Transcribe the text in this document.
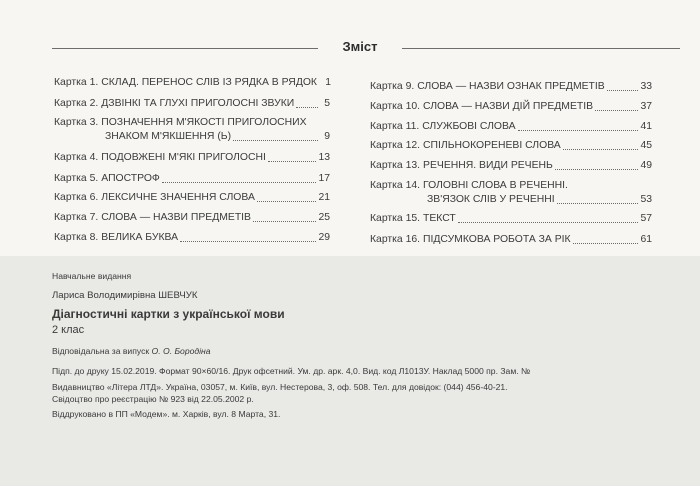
Зміст
Картка 1. СКЛАД. ПЕРЕНОС СЛІВ ІЗ РЯДКА В РЯДОК 1
Картка 2. ДЗВІНКІ ТА ГЛУХІ ПРИГОЛОСНІ ЗВУКИ	5
Картка 3. ПОЗНАЧЕННЯ М'ЯКОСТІ ПРИГОЛОСНИХ
ЗНАКОМ М'ЯКШЕННЯ (Ь)	9
Картка 4. ПОДОВЖЕНІ М'ЯКІ ПРИГОЛОСНІ	13
Картка 5. АПОСТРОФ	17
Картка 6. ЛЕКСИЧНЕ ЗНАЧЕННЯ СЛОВА	21
Картка 7. СЛОВА — НАЗВИ ПРЕДМЕТІВ	25
Картка 8. ВЕЛИКА БУКВА	29
Картка 9. СЛОВА — НАЗВИ ОЗНАК ПРЕДМЕТІВ	33
Картка 10. СЛОВА — НАЗВИ ДІЙ ПРЕДМЕТІВ	37
Картка 11. СЛУЖБОВІ СЛОВА	41
Картка 12. СПІЛЬНОКОРЕНЕВІ СЛОВА	45
Картка 13. РЕЧЕННЯ. ВИДИ РЕЧЕНЬ	49
Картка 14. ГОЛОВНІ СЛОВА В РЕЧЕННІ.
ЗВ'ЯЗОК СЛІВ У РЕЧЕННІ	53
Картка 15. ТЕКСТ	57
Картка 16. ПІДСУМКОВА РОБОТА ЗА РІК	61
Навчальне видання
Лариса Володимирівна ШЕВЧУК
Діагностичні картки з української мови
2 клас
Відповідальна за випуск О. О. Бородіна
Підп. до друку 15.02.2019. Формат 90×60/16. Друк офсетний. Ум. др. арк. 4,0. Вид. код Л1013У. Наклад 5000 пр. Зам. №
Видавництво «Літера ЛТД». Україна, 03057, м. Київ, вул. Нестерова, 3, оф. 508. Тел. для довідок: (044) 456-40-21.
Свідоцтво про реєстрацію № 923 від 22.05.2002 р.
Віддруковано в ПП «Модем». м. Харків, вул. 8 Марта, 31.
